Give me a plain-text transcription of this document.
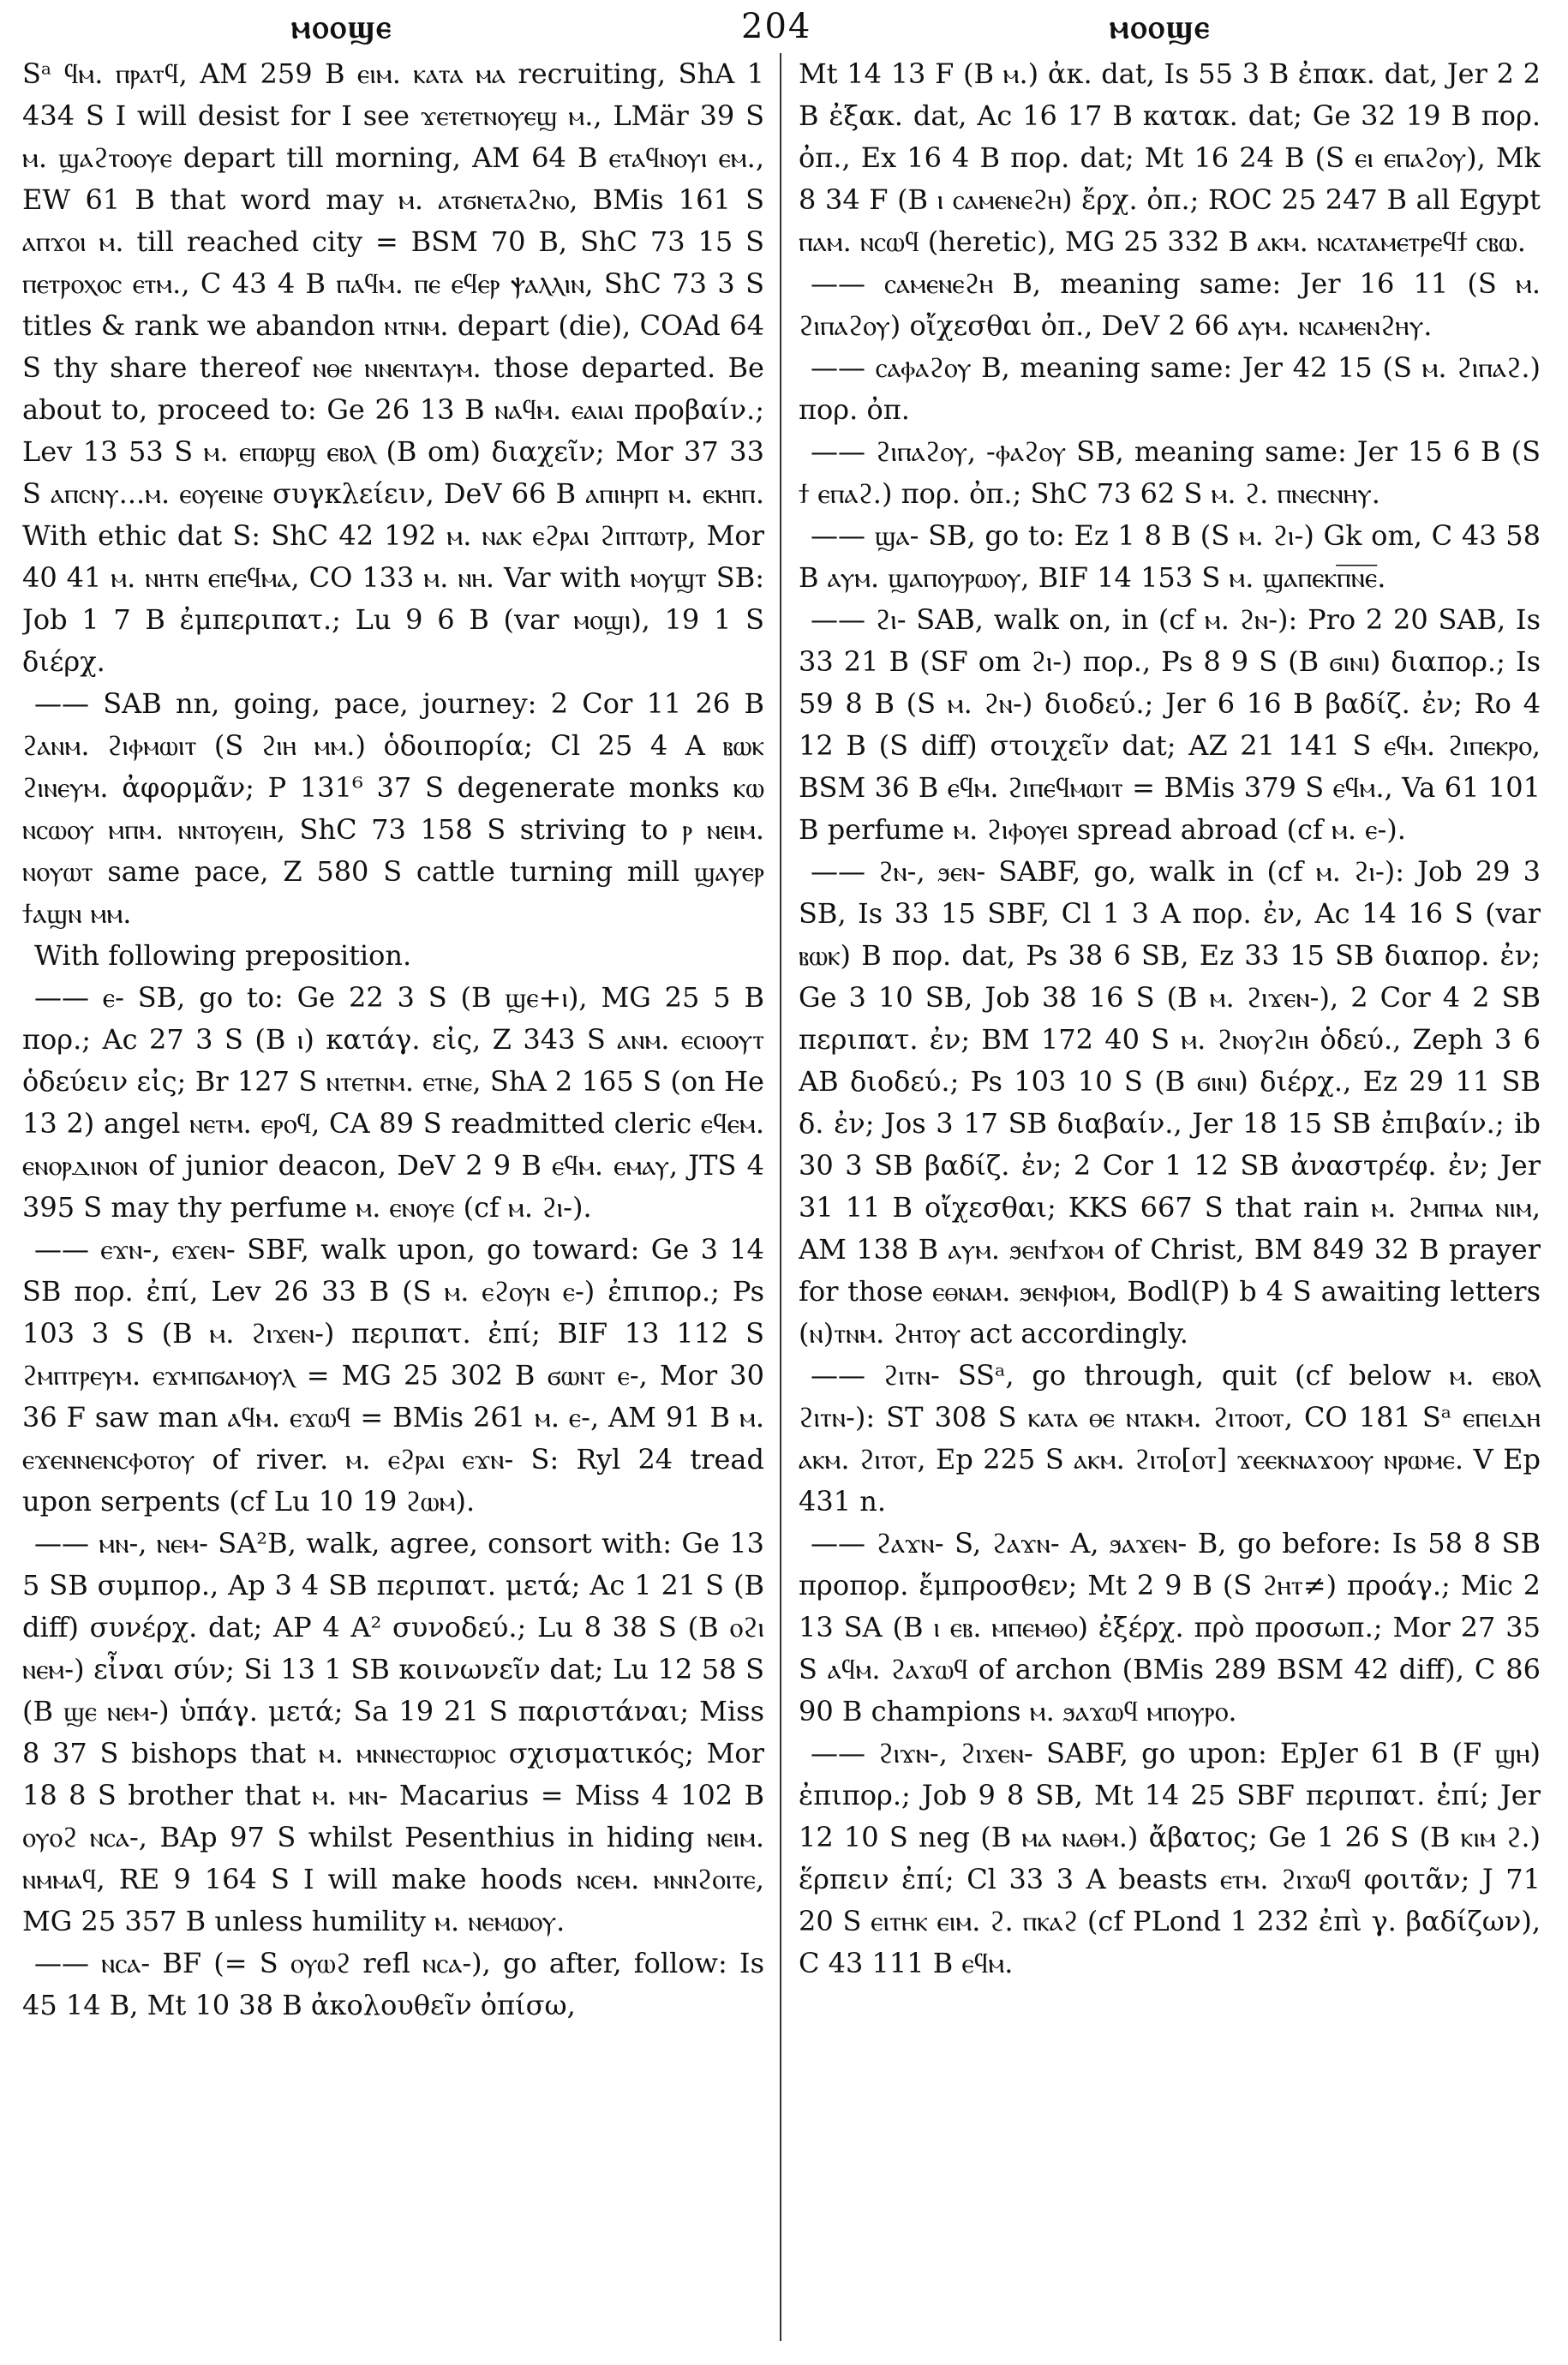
ⲙⲟⲟϣⲉ	204	ⲙⲟⲟϣⲉ

Sᵃ ϥⲙ. ⲡⲣⲁⲧϥ, AM 259 B ⲉⲓⲙ. ⲕⲁⲧⲁ ⲙⲁ recruiting, ShA 1 434 S I will desist for I see ϫⲉⲧⲉⲧⲛⲟⲩⲉϣ ⲙ., LMär 39 S ⲙ. ϣⲁϩⲧⲟⲟⲩⲉ depart till morning, AM 64 B ⲉⲧⲁϥⲛⲟⲩⲓ ⲉⲙ., EW 61 B that word may ⲙ. ⲁⲧϭⲛⲉⲧⲁϩⲛⲟ, BMis 161 S ⲁⲡϫⲟⲓ ⲙ. till reached city = BSM 70 B, ShC 73 15 S ⲡⲉⲧⲣⲟⲭⲟⲥ ⲉⲧⲙ., C 43 4 B ⲡⲁϥⲙ. ⲡⲉ ⲉϥⲉⲣ ⲯⲁⲗⲗⲓⲛ, ShC 73 3 S titles & rank we abandon ⲛⲧⲛⲙ. depart (die), COAd 64 S thy share thereof ⲛⲑⲉ ⲛⲛⲉⲛⲧⲁⲩⲙ. those departed. Be about to, proceed to: Ge 26 13 B ⲛⲁϥⲙ. ⲉⲁⲓⲁⲓ προβαίν.; Lev 13 53 S ⲙ. ⲉⲡⲱⲣϣ ⲉⲃⲟⲗ (B om) διαχεῖν; Mor 37 33 S ⲁⲡⲥⲛⲩ...ⲙ. ⲉⲟⲩⲉⲓⲛⲉ συγκλείειν, DeV 66 B ⲁⲡⲓⲏⲣⲡ ⲙ. ⲉⲕⲏⲡ. With ethic dat S: ShC 42 192 ⲙ. ⲛⲁⲕ ⲉϩⲣⲁⲓ ϩⲓⲡⲧⲱⲧⲣ, Mor 40 41 ⲙ. ⲛⲏⲧⲛ ⲉⲡⲉϥⲙⲁ, CO 133 ⲙ. ⲛⲏ. Var with ⲙⲟⲩϣⲧ SB: Job 1 7 B ἐμπεριπατ.; Lu 9 6 B (var ⲙⲟϣⲓ), 19 1 S διέρχ.

—— SAB nn, going, pace, journey: 2 Cor 11 26 B ϩⲁⲛⲙ. ϩⲓⲫⲙⲱⲓⲧ (S ϩⲓⲏ ⲙⲙ.) ὁδοιπορία; Cl 25 4 A ⲃⲱⲕ ϩⲓⲛⲉⲩⲙ. ἀφορμᾶν; P 131⁶ 37 S degenerate monks ⲕⲱ ⲛⲥⲱⲟⲩ ⲙⲡⲙ. ⲛⲛⲧⲟⲩⲉⲓⲏ, ShC 73 158 S striving to ⲣ ⲛⲉⲓⲙ. ⲛⲟⲩⲱⲧ same pace, Z 580 S cattle turning mill ϣⲁⲩⲉⲣ ϯⲁϣⲛ ⲙⲙ.

With following preposition.

—— ⲉ- SB, go to: Ge 22 3 S (B ϣⲉ+ⲓ), MG 25 5 B πορ.; Ac 27 3 S (B ⲓ) κατάγ. εἰς, Z 343 S ⲁⲛⲙ. ⲉⲥⲓⲟⲟⲩⲧ ὁδεύειν εἰς; Br 127 S ⲛⲧⲉⲧⲛⲙ. ⲉⲧⲛⲉ, ShA 2 165 S (on He 13 2) angel ⲛⲉⲧⲙ. ⲉⲣⲟϥ, CA 89 S readmitted cleric ⲉϥⲉⲙ. ⲉⲛⲟⲣⲇⲓⲛⲟⲛ of junior deacon, DeV 2 9 B ⲉϥⲙ. ⲉⲙⲁⲩ, JTS 4 395 S may thy perfume ⲙ. ⲉⲛⲟⲩⲉ (cf ⲙ. ϩⲓ-).

—— ⲉϫⲛ-, ⲉϫⲉⲛ- SBF, walk upon, go toward: Ge 3 14 SB πορ. ἐπί, Lev 26 33 B (S ⲙ. ⲉϩⲟⲩⲛ ⲉ-) ἐπιπορ.; Ps 103 3 S (B ⲙ. ϩⲓϫⲉⲛ-) περιπατ. ἐπί; BIF 13 112 S ϩⲙⲡⲧⲣⲉⲩⲙ. ⲉϫⲙⲡϭⲁⲙⲟⲩⲗ = MG 25 302 B ϭⲱⲛⲧ ⲉ-, Mor 30 36 F saw man ⲁϥⲙ. ⲉϫⲱϥ = BMis 261 ⲙ. ⲉ-, AM 91 B ⲙ. ⲉϫⲉⲛⲛⲉⲛⲥⲫⲟⲧⲟⲩ of river. ⲙ. ⲉϩⲣⲁⲓ ⲉϫⲛ- S: Ryl 24 tread upon serpents (cf Lu 10 19 ϩⲱⲙ).

—— ⲙⲛ-, ⲛⲉⲙ- SA²B, walk, agree, consort with: Ge 13 5 SB συμπορ., Ap 3 4 SB περιπατ. μετά; Ac 1 21 S (B diff) συνέρχ. dat; AP 4 A² συνοδεύ.; Lu 8 38 S (B ⲟϩⲓ ⲛⲉⲙ-) εἶναι σύν; Si 13 1 SB κοινωνεῖν dat; Lu 12 58 S (B ϣⲉ ⲛⲉⲙ-) ὑπάγ. μετά; Sa 19 21 S παριστάναι; Miss 8 37 S bishops that ⲙ. ⲙⲛⲛⲉⲥⲧⲱⲣⲓⲟⲥ σχισματικός; Mor 18 8 S brother that ⲙ. ⲙⲛ- Macarius = Miss 4 102 B ⲟⲩⲟϩ ⲛⲥⲁ-, BAp 97 S whilst Pesenthius in hiding ⲛⲉⲓⲙ. ⲛⲙⲙⲁϥ, RE 9 164 S I will make hoods ⲛⲥⲉⲙ. ⲙⲛⲛϩⲟⲓⲧⲉ, MG 25 357 B unless humility ⲙ. ⲛⲉⲙⲱⲟⲩ.

—— ⲛⲥⲁ- BF (= S ⲟⲩⲱϩ refl ⲛⲥⲁ-), go after, follow: Is 45 14 B, Mt 10 38 B ἀκολουθεῖν ὀπίσω,

Mt 14 13 F (B ⲙ.) ἀκ. dat, Is 55 3 B ἐπακ. dat, Jer 2 2 B ἐξακ. dat, Ac 16 17 B κατακ. dat; Ge 32 19 B πορ. ὀπ., Ex 16 4 B πορ. dat; Mt 16 24 B (S ⲉⲓ ⲉⲡⲁϩⲟⲩ), Mk 8 34 F (B ⲓ ⲥⲁⲙⲉⲛⲉϩⲏ) ἔρχ. ὀπ.; ROC 25 247 B all Egypt ⲡⲁⲙ. ⲛⲥⲱϥ (heretic), MG 25 332 B ⲁⲕⲙ. ⲛⲥⲁⲧⲁⲙⲉⲧⲣⲉϥϯ ⲥⲃⲱ.

—— ⲥⲁⲙⲉⲛⲉϩⲏ B, meaning same: Jer 16 11 (S ⲙ. ϩⲓⲡⲁϩⲟⲩ) οἴχεσθαι ὀπ., DeV 2 66 ⲁⲩⲙ. ⲛⲥⲁⲙⲉⲛϩⲏⲩ.

—— ⲥⲁⲫⲁϩⲟⲩ B, meaning same: Jer 42 15 (S ⲙ. ϩⲓⲡⲁϩ.) πορ. ὀπ.

—— ϩⲓⲡⲁϩⲟⲩ, -ⲫⲁϩⲟⲩ SB, meaning same: Jer 15 6 B (S ϯ ⲉⲡⲁϩ.) πορ. ὀπ.; ShC 73 62 S ⲙ. ϩ. ⲡⲛⲉⲥⲛⲏⲩ.

—— ϣⲁ- SB, go to: Ez 1 8 B (S ⲙ. ϩⲓ-) Gk om, C 43 58 B ⲁⲩⲙ. ϣⲁⲡⲟⲩⲣⲱⲟⲩ, BIF 14 153 S ⲙ. ϣⲁⲡⲉⲕⲡ̅ⲛ̅ⲉ̅.

—— ϩⲓ- SAB, walk on, in (cf ⲙ. ϩⲛ-): Pro 2 20 SAB, Is 33 21 B (SF om ϩⲓ-) πορ., Ps 8 9 S (B ϭⲓⲛⲓ) διαπορ.; Is 59 8 B (S ⲙ. ϩⲛ-) διοδεύ.; Jer 6 16 B βαδίζ. ἐν; Ro 4 12 B (S diff) στοιχεῖν dat; AZ 21 141 S ⲉϥⲙ. ϩⲓⲡⲉⲕⲣⲟ, BSM 36 B ⲉϥⲙ. ϩⲓⲡⲉϥⲙⲱⲓⲧ = BMis 379 S ⲉϥⲙ., Va 61 101 B perfume ⲙ. ϩⲓⲫⲟⲩⲉⲓ spread abroad (cf ⲙ. ⲉ-).

—— ϩⲛ-, ϧⲉⲛ- SABF, go, walk in (cf ⲙ. ϩⲓ-): Job 29 3 SB, Is 33 15 SBF, Cl 1 3 A πορ. ἐν, Ac 14 16 S (var ⲃⲱⲕ) B πορ. dat, Ps 38 6 SB, Ez 33 15 SB διαπορ. ἐν; Ge 3 10 SB, Job 38 16 S (B ⲙ. ϩⲓϫⲉⲛ-), 2 Cor 4 2 SB περιπατ. ἐν; BM 172 40 S ⲙ. ϩⲛⲟⲩϩⲓⲏ ὁδεύ., Zeph 3 6 AB διοδεύ.; Ps 103 10 S (B ϭⲓⲛⲓ) διέρχ., Ez 29 11 SB δ. ἐν; Jos 3 17 SB διαβαίν., Jer 18 15 SB ἐπιβαίν.; ib 30 3 SB βαδίζ. ἐν; 2 Cor 1 12 SB ἀναστρέφ. ἐν; Jer 31 11 B οἴχεσθαι; KKS 667 S that rain ⲙ. ϩⲙⲡⲙⲁ ⲛⲓⲙ, AM 138 B ⲁⲩⲙ. ϧⲉⲛϯϫⲟⲙ of Christ, BM 849 32 B prayer for those ⲉⲑⲛⲁⲙ. ϧⲉⲛⲫⲓⲟⲙ, Bodl(P) b 4 S awaiting letters (ⲛ)ⲧⲛⲙ. ϩⲏⲧⲟⲩ act accordingly.

—— ϩⲓⲧⲛ- SSᵃ, go through, quit (cf below ⲙ. ⲉⲃⲟⲗ ϩⲓⲧⲛ-): ST 308 S ⲕⲁⲧⲁ ⲑⲉ ⲛⲧⲁⲕⲙ. ϩⲓⲧⲟⲟⲧ, CO 181 Sᵃ ⲉⲡⲉⲓⲇⲏ ⲁⲕⲙ. ϩⲓⲧⲟⲧ, Ep 225 S ⲁⲕⲙ. ϩⲓⲧⲟ[ⲟⲧ] ϫⲉⲉⲕⲛⲁϫⲟⲟⲩ ⲛⲣⲱⲙⲉ. V Ep 431 n.

—— ϩⲁϫⲛ- S, ϩⲁϫⲛ- A, ϧⲁϫⲉⲛ- B, go before: Is 58 8 SB προπορ. ἔμπροσθεν; Mt 2 9 B (S ϩⲏⲧ≠) προάγ.; Mic 2 13 SA (B ⲓ ⲉⲃ. ⲙⲡⲉⲙⲑⲟ) ἐξέρχ. πρὸ προσωπ.; Mor 27 35 S ⲁϥⲙ. ϩⲁϫⲱϥ of archon (BMis 289 BSM 42 diff), C 86 90 B champions ⲙ. ϧⲁϫⲱϥ ⲙⲡⲟⲩⲣⲟ.

—— ϩⲓϫⲛ-, ϩⲓϫⲉⲛ- SABF, go upon: EpJer 61 B (F ϣⲏ) ἐπιπορ.; Job 9 8 SB, Mt 14 25 SBF περιπατ. ἐπί; Jer 12 10 S neg (B ⲙⲁ ⲛⲁⲑⲙ.) ἄβατος; Ge 1 26 S (B ⲕⲓⲙ ϩ.) ἕρπειν ἐπί; Cl 33 3 A beasts ⲉⲧⲙ. ϩⲓϫⲱϥ φοιτᾶν; J 71 20 S ⲉⲓⲧⲏⲕ ⲉⲓⲙ. ϩ. ⲡⲕⲁϩ (cf PLond 1 232 ἐπὶ γ. βαδίζων), C 43 111 B ⲉϥⲙ.
